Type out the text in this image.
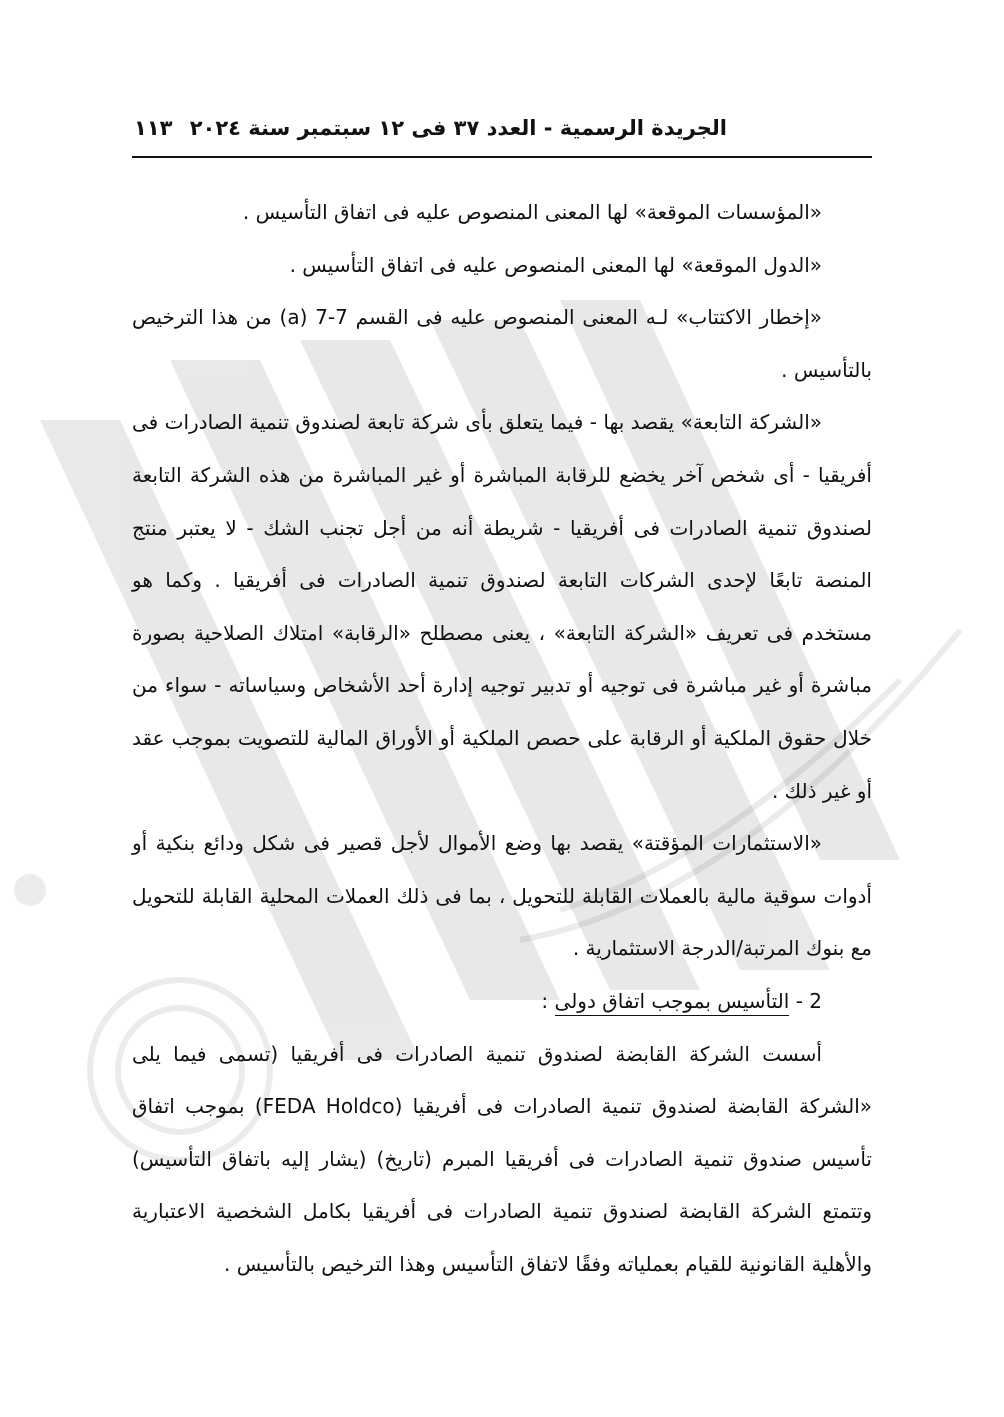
الجريدة الرسمية - العدد ٣٧ فى ١٢ سبتمبر سنة ٢٠٢٤
١١٣

«المؤسسات الموقعة» لها المعنى المنصوص عليه فى اتفاق التأسيس .

«الدول الموقعة» لها المعنى المنصوص عليه فى اتفاق التأسيس .

«إخطار الاكتتاب» لـه المعنى المنصوص عليه فى القسم 7-7 (a) من هذا الترخيص بالتأسيس .

«الشركة التابعة» يقصد بها - فيما يتعلق بأى شركة تابعة لصندوق تنمية الصادرات فى أفريقيا - أى شخص آخر يخضع للرقابة المباشرة أو غير المباشرة من هذه الشركة التابعة لصندوق تنمية الصادرات فى أفريقيا - شريطة أنه من أجل تجنب الشك - لا يعتبر منتج المنصة تابعًا لإحدى الشركات التابعة لصندوق تنمية الصادرات فى أفريقيا . وكما هو مستخدم فى تعريف «الشركة التابعة» ، يعنى مصطلح «الرقابة» امتلاك الصلاحية بصورة مباشرة أو غير مباشرة فى توجيه أو تدبير توجيه إدارة أحد الأشخاص وسياساته - سواء من خلال حقوق الملكية أو الرقابة على حصص الملكية أو الأوراق المالية للتصويت بموجب عقد أو غير ذلك .

«الاستثمارات المؤقتة» يقصد بها وضع الأموال لأجل قصير فى شكل ودائع بنكية أو أدوات سوقية مالية بالعملات القابلة للتحويل ، بما فى ذلك العملات المحلية القابلة للتحويل مع بنوك المرتبة/الدرجة الاستثمارية .

2 - التأسيس بموجب اتفاق دولى :

أسست الشركة القابضة لصندوق تنمية الصادرات فى أفريقيا (تسمى فيما يلى «الشركة القابضة لصندوق تنمية الصادرات فى أفريقيا (FEDA Holdco) بموجب اتفاق تأسيس صندوق تنمية الصادرات فى أفريقيا المبرم (تاريخ) (يشار إليه باتفاق التأسيس) وتتمتع الشركة القابضة لصندوق تنمية الصادرات فى أفريقيا بكامل الشخصية الاعتبارية والأهلية القانونية للقيام بعملياته وفقًا لاتفاق التأسيس وهذا الترخيص بالتأسيس .
